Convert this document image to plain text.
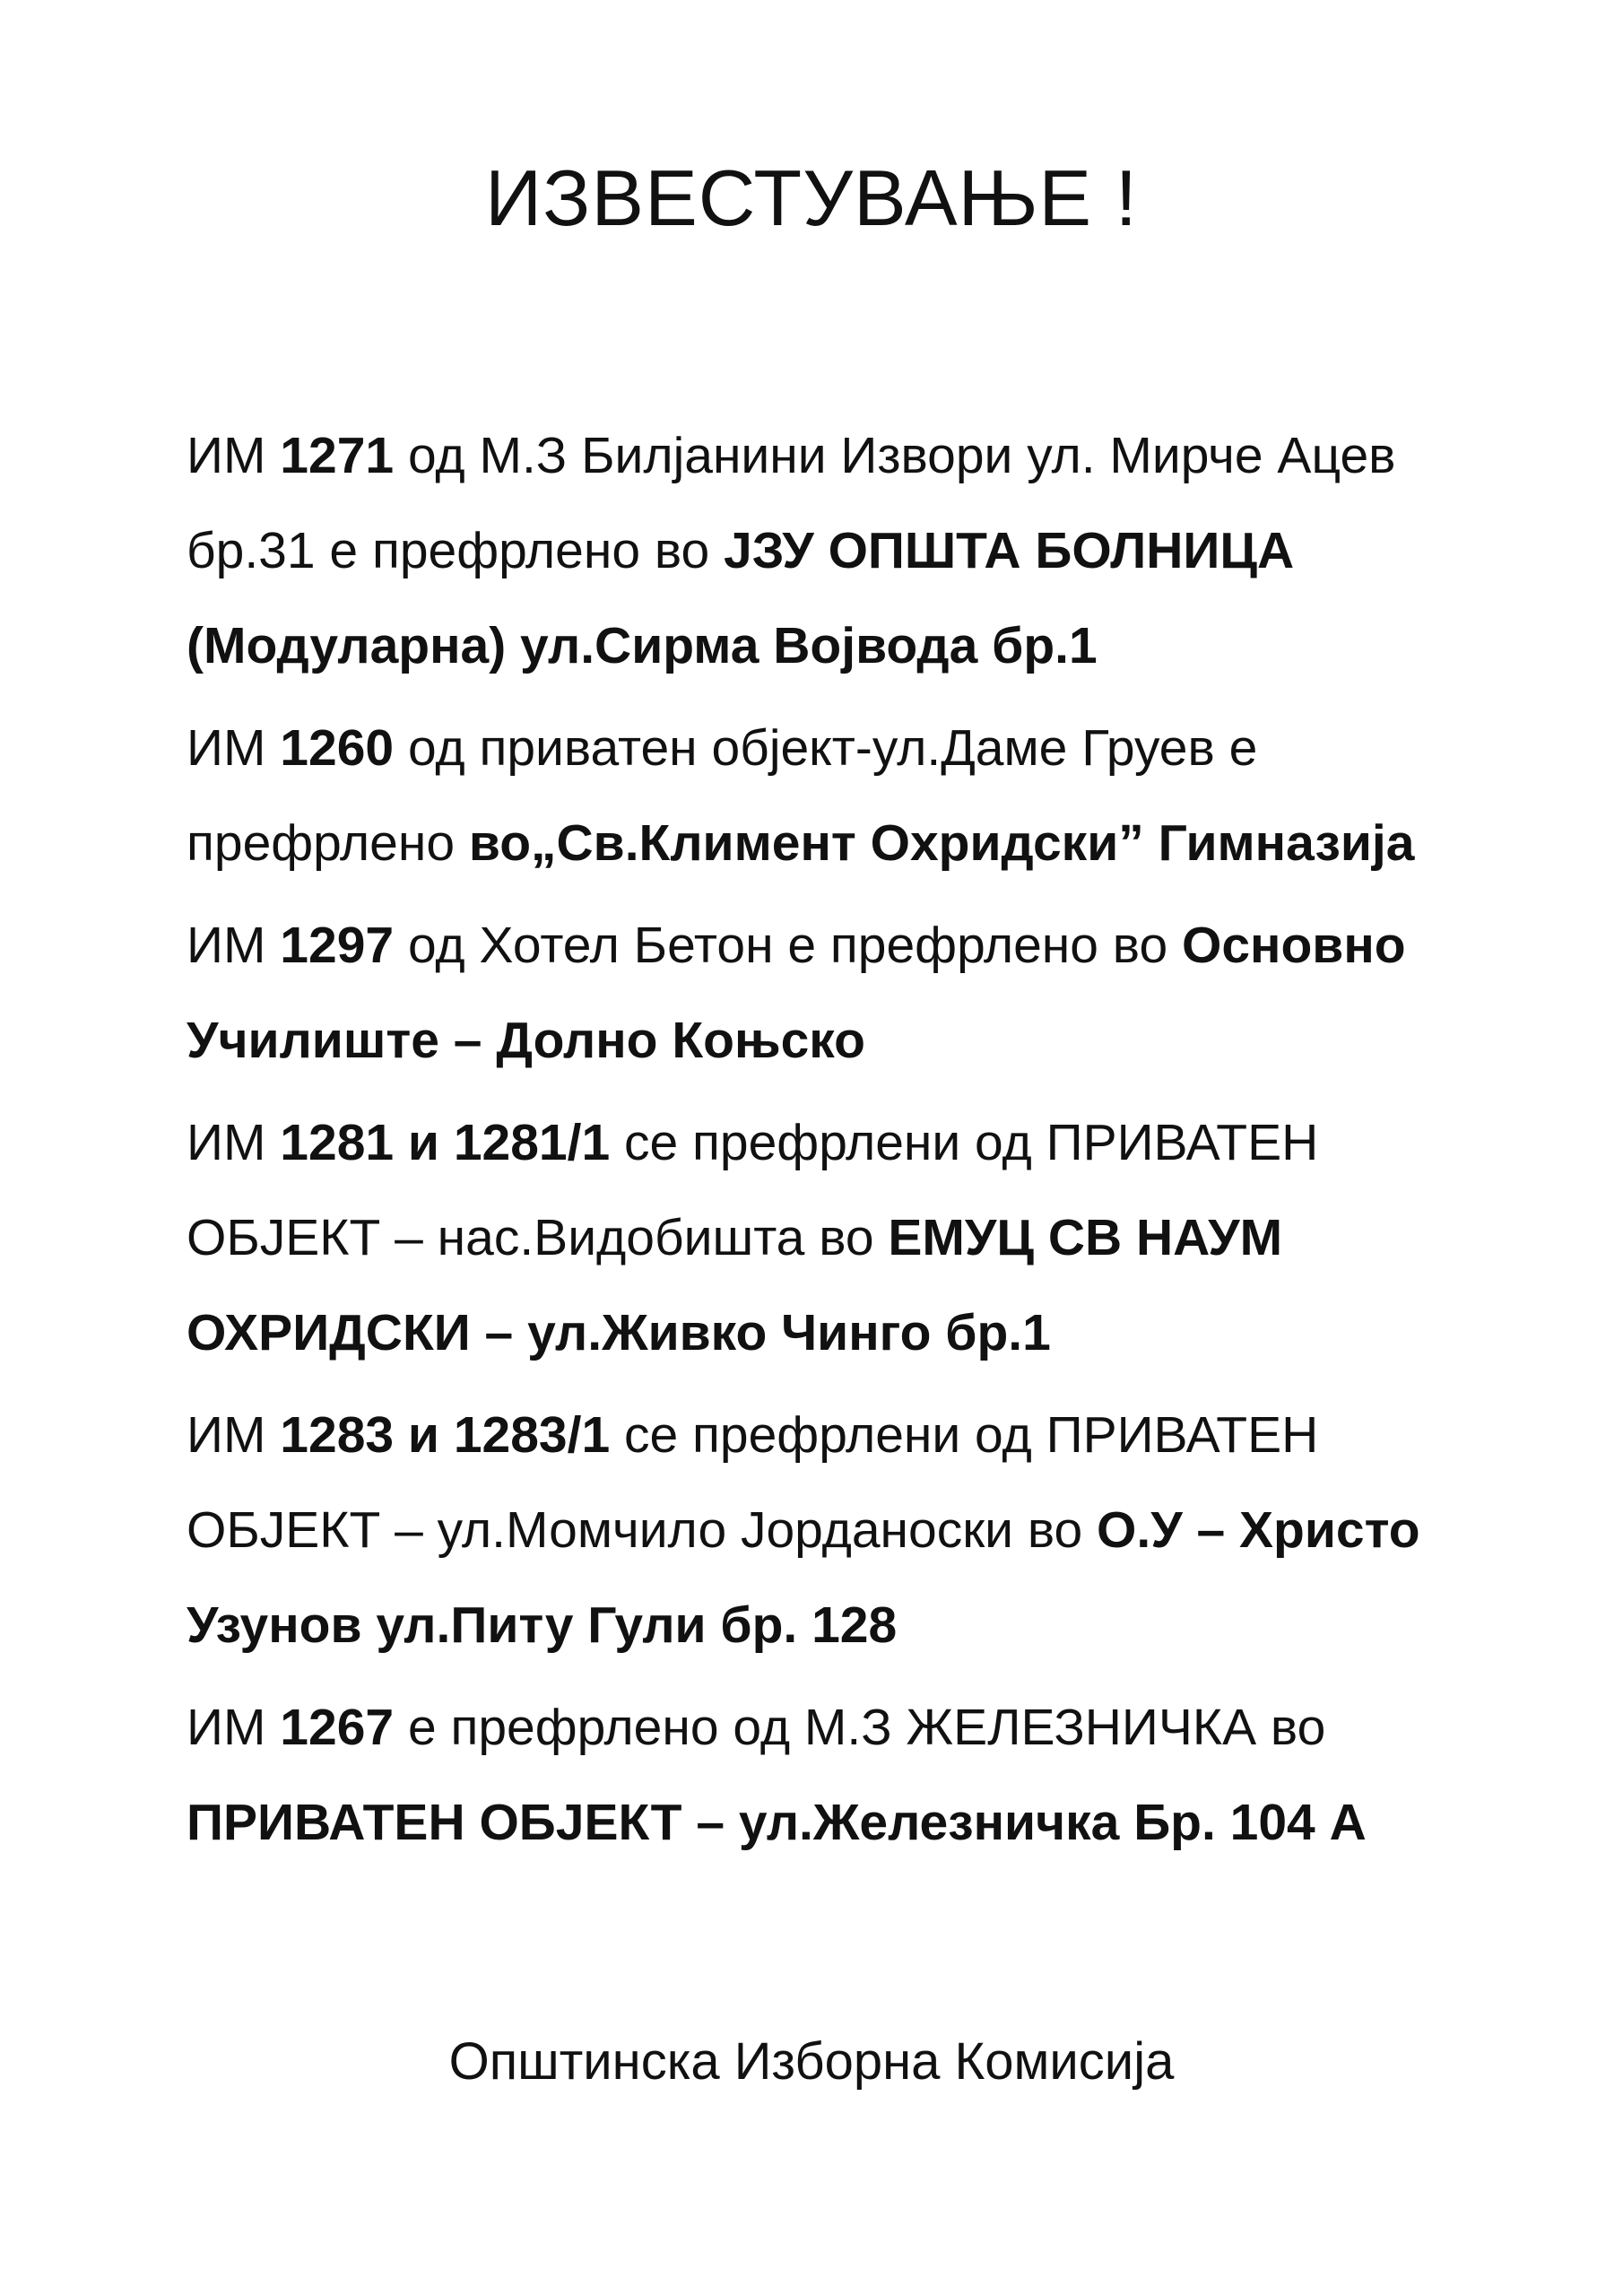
ИЗВЕСТУВАЊЕ !

ИМ 1271 од М.З Билјанини Извори ул. Мирче Ацев бр.31 е префрлено во ЈЗУ ОПШТА БОЛНИЦА (Модуларна) ул.Сирма Војвода бр.1

ИМ 1260 од приватен објект-ул.Даме Груев е префрлено во„Св.Климент Охридски” Гимназија

ИМ 1297 од Хотел Бетон е префрлено во Основно Училиште – Долно Коњско

ИМ 1281 и 1281/1 се префрлени од ПРИВАТЕН ОБЈЕКТ – нас.Видобишта во ЕМУЦ СВ НАУМ ОХРИДСКИ – ул.Живко Чинго бр.1

ИМ 1283 и 1283/1 се префрлени од ПРИВАТЕН ОБЈЕКТ – ул.Момчило Јорданоски во О.У – Христо Узунов ул.Питу Гули бр. 128

ИМ 1267 е префрлено од М.З ЖЕЛЕЗНИЧКА во ПРИВАТЕН ОБЈЕКТ – ул.Железничка Бр. 104 А

Општинска Изборна Комисија
